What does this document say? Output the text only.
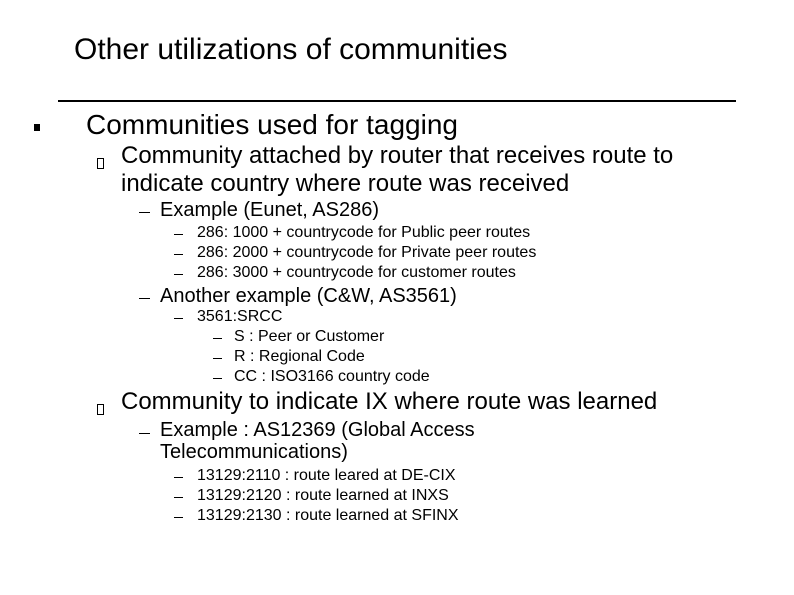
Other utilizations of communities
Communities used for tagging
Community attached by router that receives route to
indicate country where route was received
Example (Eunet, AS286)
286: 1000 + countrycode for Public peer routes
286: 2000 + countrycode for Private peer routes
286: 3000 + countrycode for customer routes
Another example (C&W, AS3561)
3561:SRCC
S : Peer or Customer
R : Regional Code
CC : ISO3166 country code
Community to indicate IX where route was learned
Example : AS12369 (Global Access
Telecommunications)
13129:2110 : route leared at DE-CIX
13129:2120 : route learned at INXS
13129:2130 : route learned at SFINX
